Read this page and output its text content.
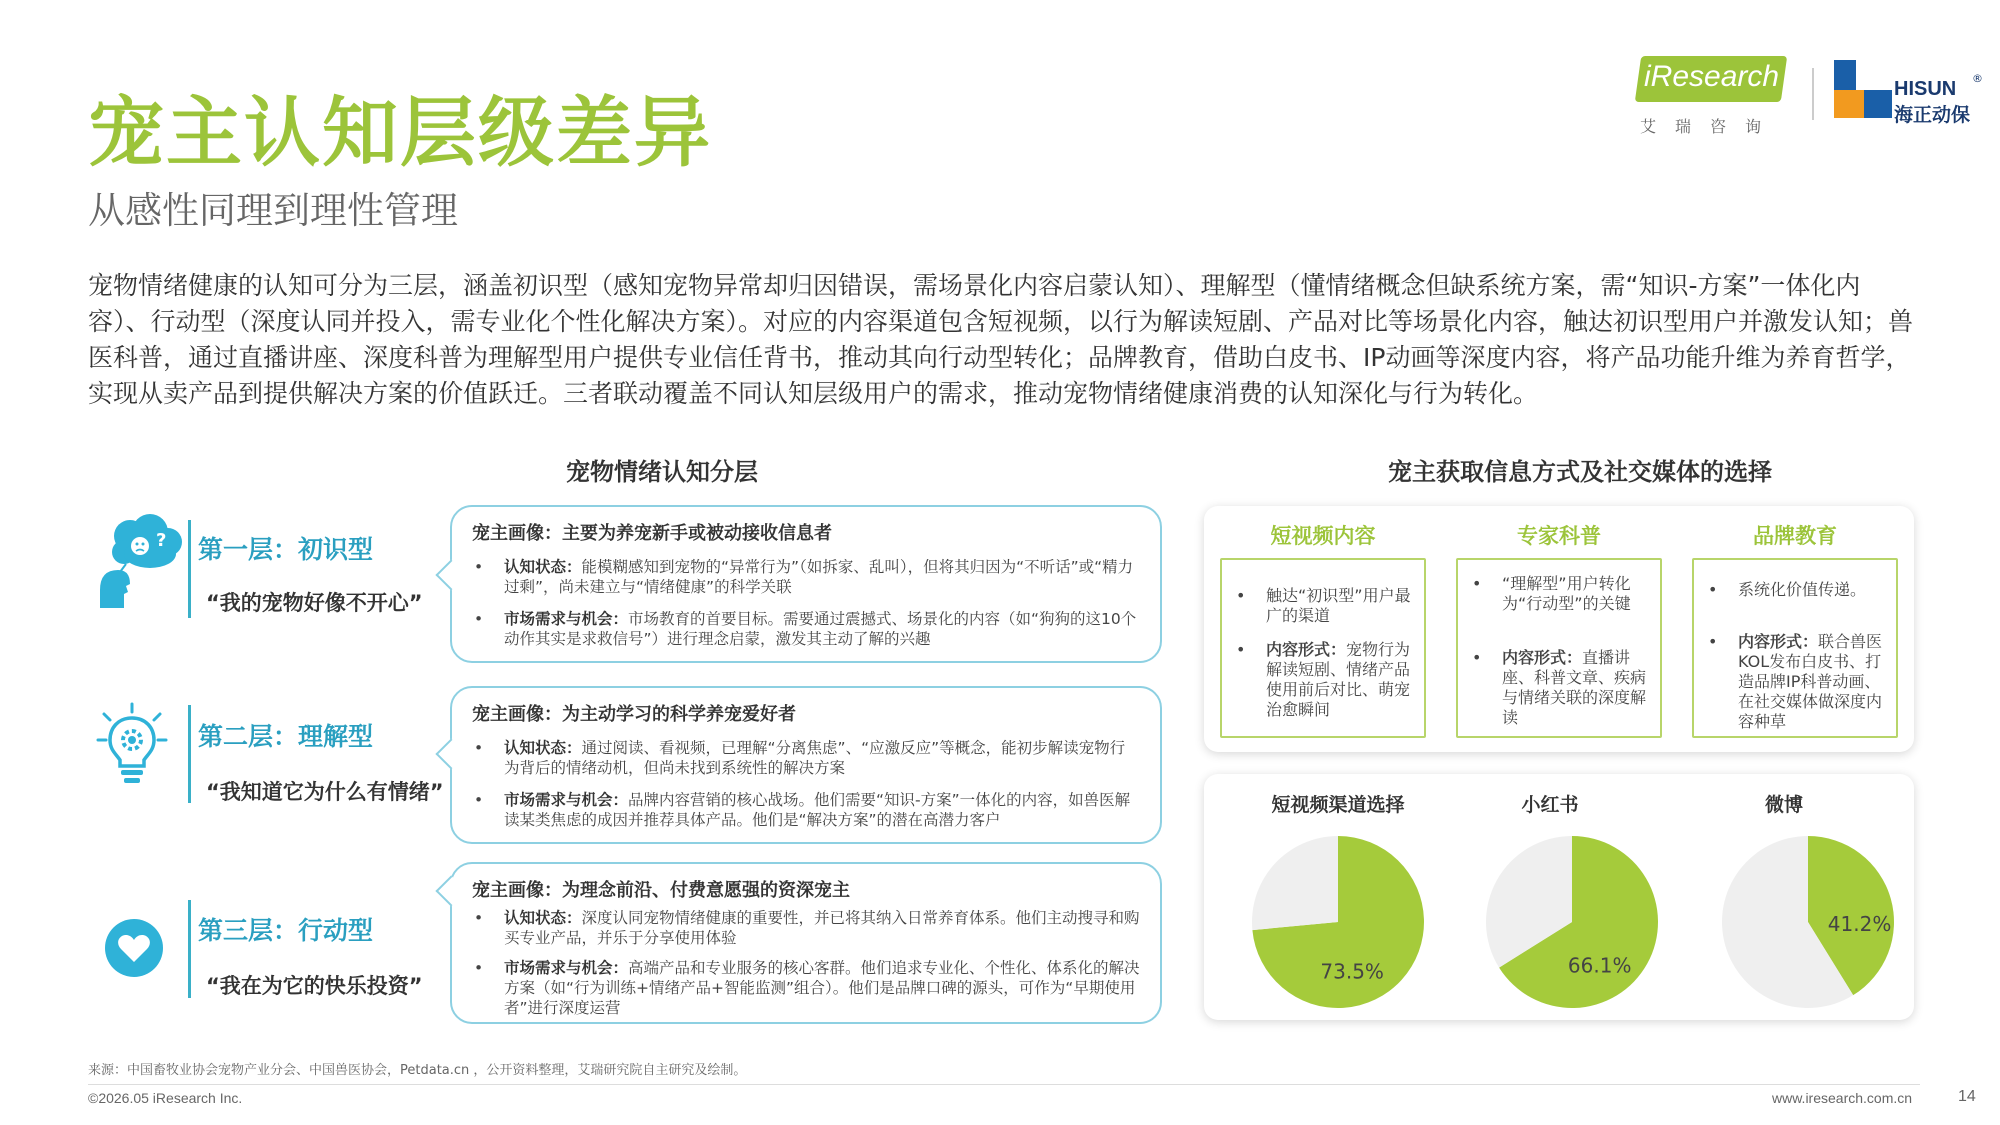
宠主认知层级差异
从感性同理到理性管理
iResearch
艾瑞咨询
HISUN ®
海正动保
宠物情绪健康的认知可分为三层，涵盖初识型（感知宠物异常却归因错误，需场景化内容启蒙认知）、理解型（懂情绪概念但缺系统方案，需“知识-方案”一体化内容）、行动型（深度认同并投入，需专业化个性化解决方案）。对应的内容渠道包含短视频，以行为解读短剧、产品对比等场景化内容，触达初识型用户并激发认知；兽医科普，通过直播讲座、深度科普为理解型用户提供专业信任背书，推动其向行动型转化；品牌教育，借助白皮书、IP动画等深度内容，将产品功能升维为养育哲学，实现从卖产品到提供解决方案的价值跃迁。三者联动覆盖不同认知层级用户的需求，推动宠物情绪健康消费的认知深化与行为转化。
宠物情绪认知分层
? 第一层：初识型
“我的宠物好像不开心”
宠主画像：主要为养宠新手或被动接收信息者
• 认知状态：能模糊感知到宠物的“异常行为”（如拆家、乱叫），但将其归因为“不听话”或“精力过剩”，尚未建立与“情绪健康”的科学关联
• 市场需求与机会：市场教育的首要目标。需要通过震撼式、场景化的内容（如“狗狗的这10个动作其实是求救信号”）进行理念启蒙，激发其主动了解的兴趣
第二层：理解型
“我知道它为什么有情绪”
宠主画像：为主动学习的科学养宠爱好者
• 认知状态：通过阅读、看视频，已理解“分离焦虑”、“应激反应”等概念，能初步解读宠物行为背后的情绪动机，但尚未找到系统性的解决方案
• 市场需求与机会：品牌内容营销的核心战场。他们需要“知识-方案”一体化的内容，如兽医解读某类焦虑的成因并推荐具体产品。他们是“解决方案”的潜在高潜力客户
第三层：行动型
“我在为它的快乐投资”
宠主画像：为理念前沿、付费意愿强的资深宠主
• 认知状态：深度认同宠物情绪健康的重要性，并已将其纳入日常养育体系。他们主动搜寻和购买专业产品，并乐于分享使用体验
• 市场需求与机会：高端产品和专业服务的核心客群。他们追求专业化、个性化、体系化的解决方案（如“行为训练+情绪产品+智能监测”组合）。他们是品牌口碑的源头，可作为“早期使用者”进行深度运营
宠主获取信息方式及社交媒体的选择
短视频内容
• 触达“初识型”用户最广的渠道
• 内容形式：宠物行为解读短剧、情绪产品使用前后对比、萌宠治愈瞬间
专家科普
• “理解型”用户转化为“行动型”的关键
• 内容形式：直播讲座、科普文章、疾病与情绪关联的深度解读
品牌教育
• 系统化价值传递。
• 内容形式：联合兽医KOL发布白皮书、打造品牌IP科普动画、在社交媒体做深度内容种草
短视频渠道选择	小红书	微博
73.5%	66.1%
41.2%
来源：中国畜牧业协会宠物产业分会、中国兽医协会，Petdata.cn ，公开资料整理，艾瑞研究院自主研究及绘制。
©2026.05 iResearch Inc.	www.iresearch.com.cn	14
